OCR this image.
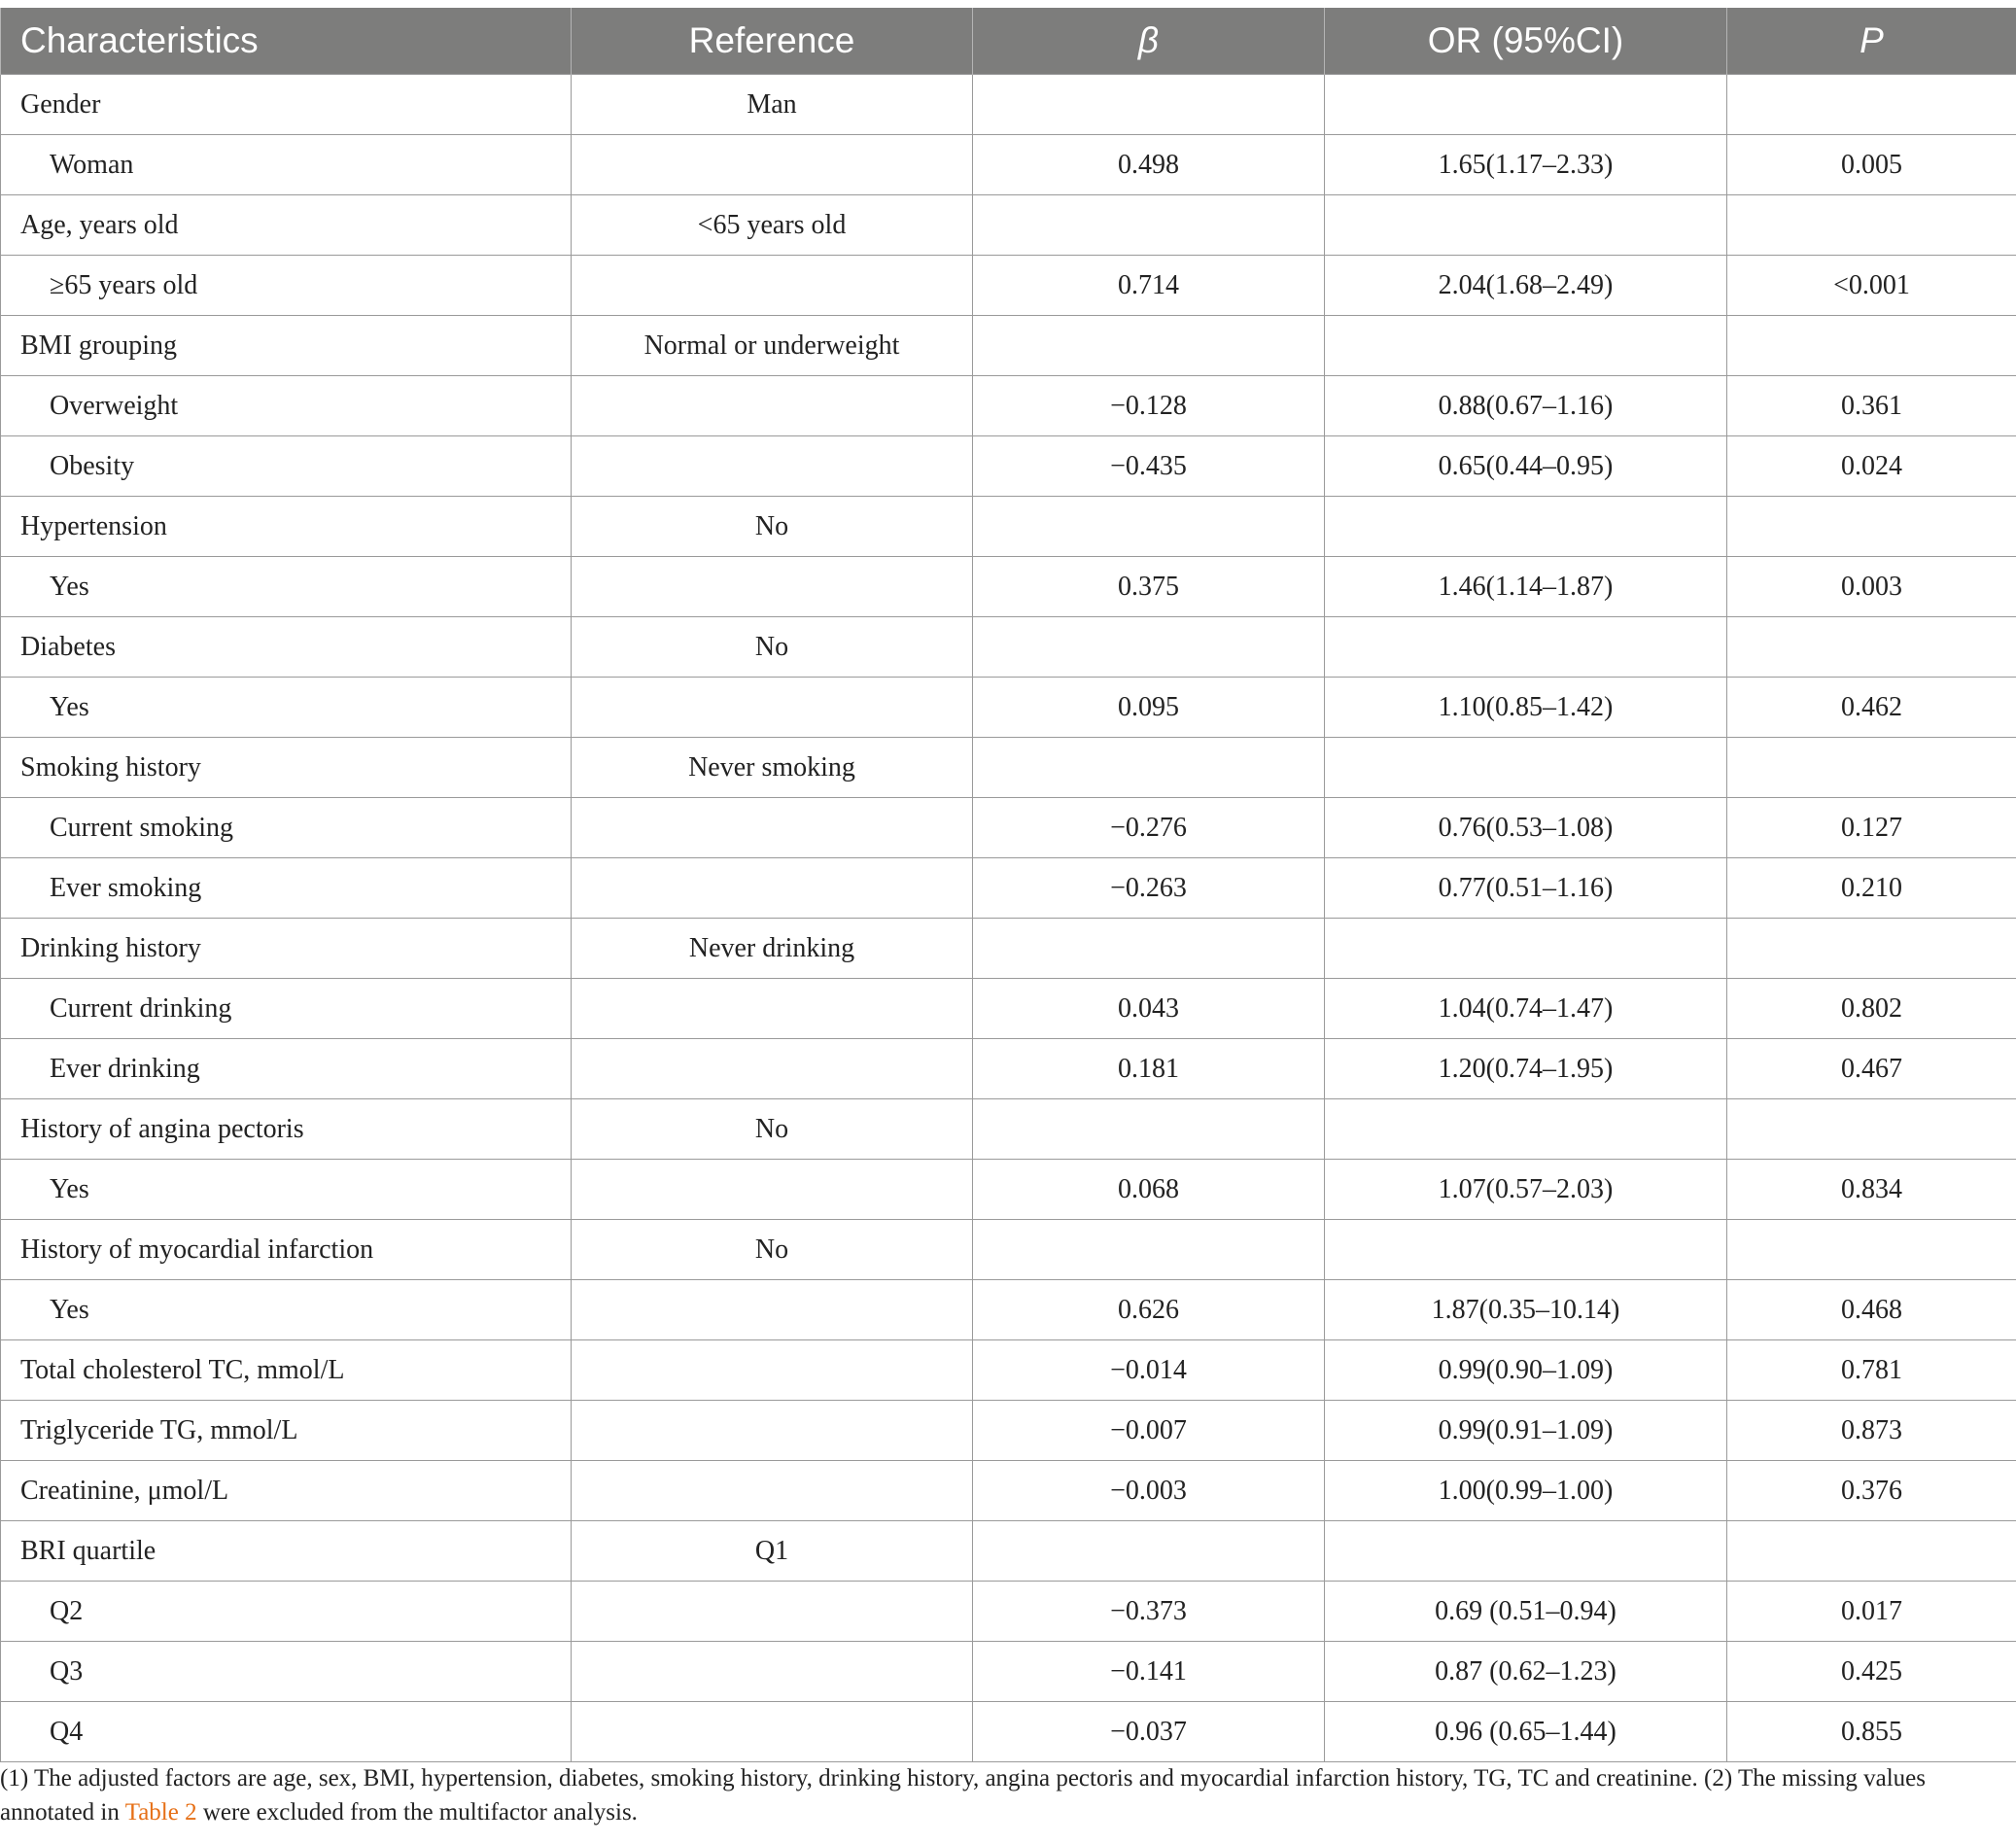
Characteristics	Reference	β	OR (95%CI)	P
Gender	Man			
Woman		0.498	1.65(1.17–2.33)	0.005
Age, years old	<65 years old			
≥65 years old		0.714	2.04(1.68–2.49)	<0.001
BMI grouping	Normal or underweight			
Overweight		−0.128	0.88(0.67–1.16)	0.361
Obesity		−0.435	0.65(0.44–0.95)	0.024
Hypertension	No			
Yes		0.375	1.46(1.14–1.87)	0.003
Diabetes	No			
Yes		0.095	1.10(0.85–1.42)	0.462
Smoking history	Never smoking			
Current smoking		−0.276	0.76(0.53–1.08)	0.127
Ever smoking		−0.263	0.77(0.51–1.16)	0.210
Drinking history	Never drinking			
Current drinking		0.043	1.04(0.74–1.47)	0.802
Ever drinking		0.181	1.20(0.74–1.95)	0.467
History of angina pectoris	No			
Yes		0.068	1.07(0.57–2.03)	0.834
History of myocardial infarction	No			
Yes		0.626	1.87(0.35–10.14)	0.468
Total cholesterol TC, mmol/L		−0.014	0.99(0.90–1.09)	0.781
Triglyceride TG, mmol/L		−0.007	0.99(0.91–1.09)	0.873
Creatinine, μmol/L		−0.003	1.00(0.99–1.00)	0.376
BRI quartile	Q1			
Q2		−0.373	0.69 (0.51–0.94)	0.017
Q3		−0.141	0.87 (0.62–1.23)	0.425
Q4		−0.037	0.96 (0.65–1.44)	0.855
(1) The adjusted factors are age, sex, BMI, hypertension, diabetes, smoking history, drinking history, angina pectoris and myocardial infarction history, TG, TC and creatinine. (2) The missing values annotated in Table 2 were excluded from the multifactor analysis.
